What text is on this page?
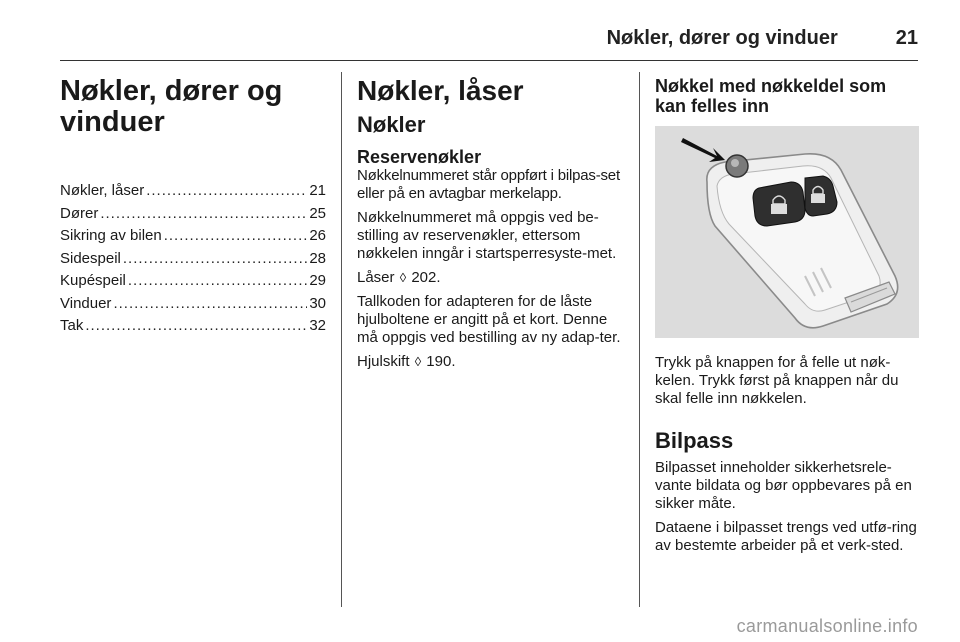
Nøkler, dører og vinduer	21
Nøkler, dører og vinduer
Nøkler, låser .....	21
Dører .....	25
Sikring av bilen .....	26
Sidespeil .....	28
Kupéspeil .....	29
Vinduer .....	30
Tak .....	32
Nøkler, låser
Nøkler
Reservenøkler

Nøkkelnummeret står oppført i bilpas-set eller på en avtagbar merkelapp.

Nøkkelnummeret må oppgis ved be-stilling av reservenøkler, ettersom nøkkelen inngår i startsperresyste-met.

Låser ◊ 202.

Tallkoden for adapteren for de låste hjulboltene er angitt på et kort. Denne må oppgis ved bestilling av ny adap-ter.

Hjulskift ◊ 190.

Nøkkel med nøkkeldel som kan felles inn

Trykk på knappen for å felle ut nøk-kelen. Trykk først på knappen når du skal felle inn nøkkelen.

Bilpass

Bilpasset inneholder sikkerhetsrele-vante bildata og bør oppbevares på en sikker måte.

Dataene i bilpasset trengs ved utfø-ring av bestemte arbeider på et verk-sted.

carmanualsonline.info
